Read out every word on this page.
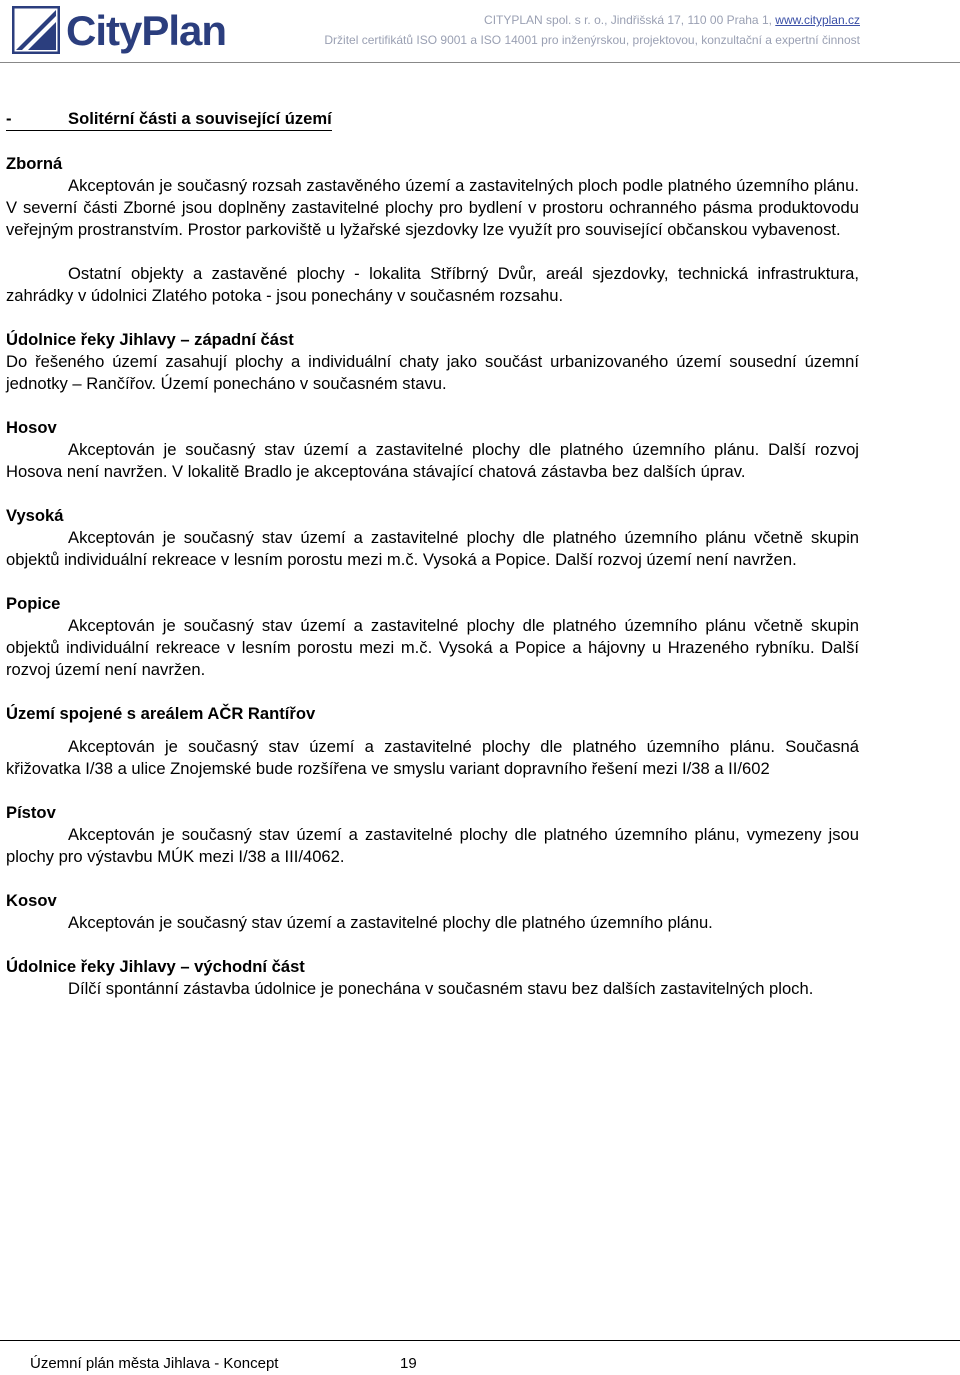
CityPlan	CITYPLAN spol. s r. o., Jindřišská 17, 110 00 Praha 1, www.cityplan.cz
Držitel certifikátů ISO 9001 a ISO 14001 pro inženýrskou, projektovou, konzultační a expertní činnost
-	Solitérní části a související území

Zborná

Akceptován je současný rozsah zastavěného území a zastavitelných ploch podle platného územního plánu. V severní části Zborné jsou doplněny zastavitelné plochy pro bydlení v prostoru ochranného pásma produktovodu veřejným prostranstvím. Prostor parkoviště u lyžařské sjezdovky lze využít pro související občanskou vybavenost.

Ostatní objekty a zastavěné plochy - lokalita Stříbrný Dvůr, areál sjezdovky, technická infrastruktura, zahrádky v údolnici Zlatého potoka - jsou ponechány v současném rozsahu.

Údolnice řeky Jihlavy – západní část

Do řešeného území zasahují plochy a individuální chaty jako součást urbanizovaného území sousední územní jednotky – Rančířov. Území ponecháno v současném stavu.

Hosov

Akceptován je současný stav území a zastavitelné plochy dle platného územního plánu. Další rozvoj Hosova není navržen. V lokalitě Bradlo je akceptována stávající chatová zástavba bez dalších úprav.

Vysoká

Akceptován je současný stav území a zastavitelné plochy dle platného územního plánu včetně skupin objektů individuální rekreace v lesním porostu mezi m.č. Vysoká a Popice. Další rozvoj území není navržen.

Popice

Akceptován je současný stav území a zastavitelné plochy dle platného územního plánu včetně skupin objektů individuální rekreace v lesním porostu mezi m.č. Vysoká a Popice a hájovny u Hrazeného rybníku. Další rozvoj území není navržen.

Území spojené s areálem AČR Rantířov

Akceptován je současný stav území a zastavitelné plochy dle platného územního plánu. Současná křižovatka I/38 a ulice Znojemské bude rozšířena ve smyslu variant dopravního řešení mezi I/38 a II/602

Pístov

Akceptován je současný stav území a zastavitelné plochy dle platného územního plánu, vymezeny jsou plochy pro výstavbu MÚK mezi I/38 a III/4062.

Kosov

Akceptován je současný stav území a zastavitelné plochy dle platného územního plánu.

Údolnice řeky Jihlavy – východní část

Dílčí spontánní zástavba údolnice je ponechána v současném stavu bez dalších zastavitelných ploch.

Územní plán města Jihlava - Koncept	19
